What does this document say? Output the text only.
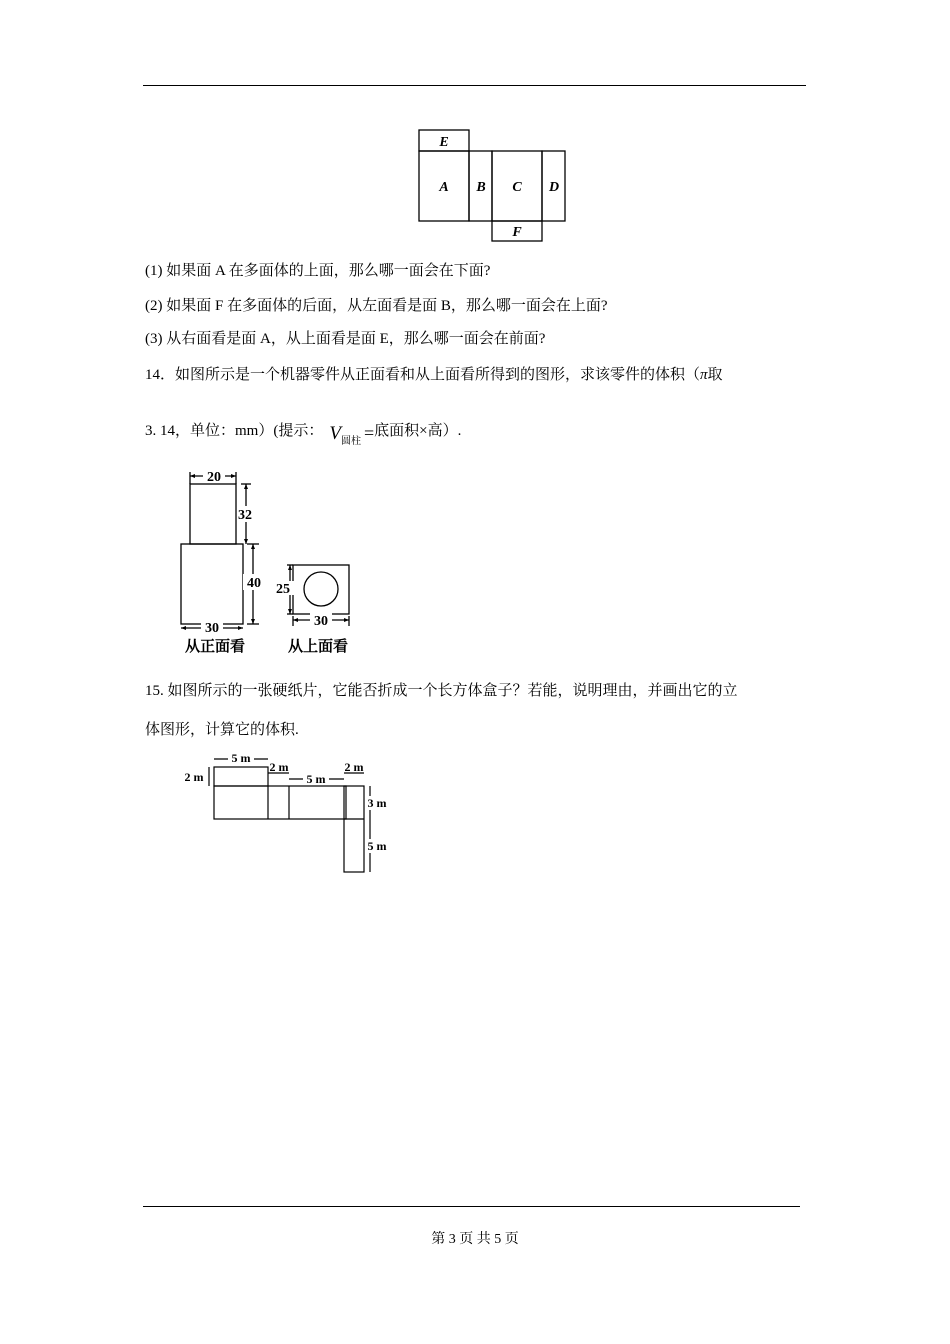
E
A B C D
F
(1) 如果面 A 在多面体的上面，那么哪一面会在下面?
(2) 如果面 F 在多面体的后面，从左面看是面 B，那么哪一面会在上面?
(3) 从右面看是面 A，从上面看是面 E，那么哪一面会在前面?
14．如图所示是一个机器零件从正面看和从上面看所得到的图形，求该零件的体积（π取
3. 14，单位：mm）(提示： $V_{圆柱}$ =底面积×高）.
20
32
40
30
25
30
从正面看	从上面看
15. 如图所示的一张硬纸片，它能否折成一个长方体盒子？若能，说明理由，并画出它的立
体图形，计算它的体积.
5 m
2 m
2 m
5 m
2 m
3 m
5 m
第 3 页 共 5 页
